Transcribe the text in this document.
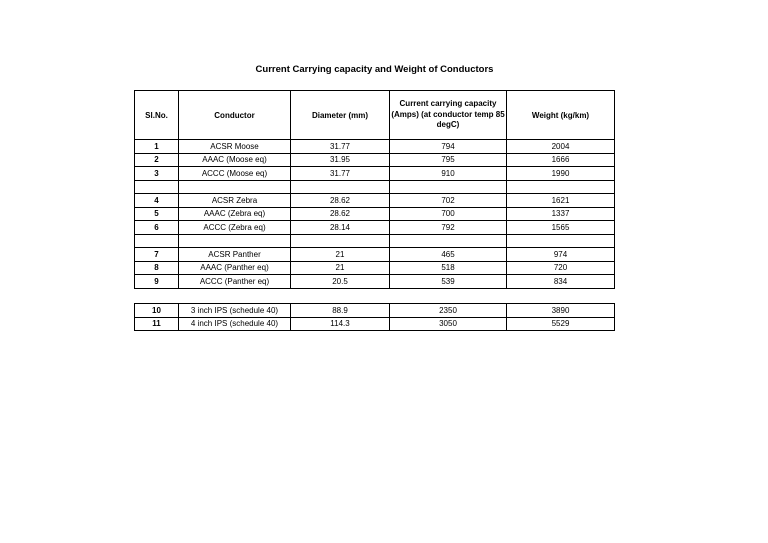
Current Carrying capacity and Weight of Conductors
Sl.No.	Conductor	Diameter (mm)	Current carrying capacity (Amps) (at conductor temp 85 degC)	Weight (kg/km)
1	ACSR Moose	31.77	794	2004
2	AAAC (Moose eq)	31.95	795	1666
3	ACCC (Moose eq)	31.77	910	1990

4	ACSR Zebra	28.62	702	1621
5	AAAC (Zebra eq)	28.62	700	1337
6	ACCC (Zebra eq)	28.14	792	1565

7	ACSR Panther	21	465	974
8	AAAC (Panther eq)	21	518	720
9	ACCC (Panther eq)	20.5	539	834
10	3 inch IPS (schedule 40)	88.9	2350	3890
11	4 inch IPS (schedule 40)	114.3	3050	5529
